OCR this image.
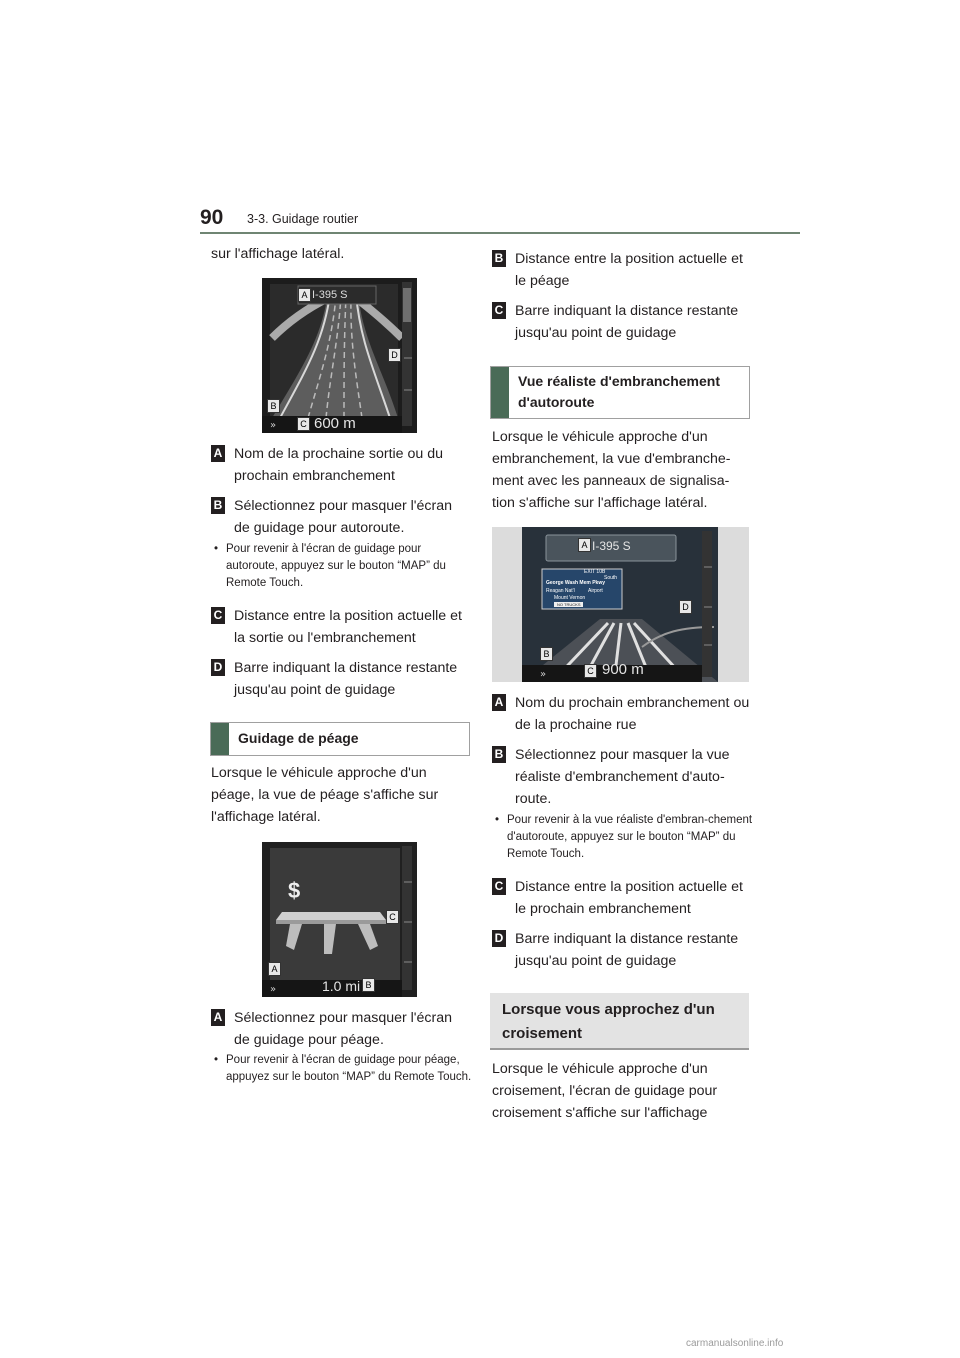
90 3-3. Guidage routier

sur l'affichage latéral.

»
I-395 S
600 m
A
B
C
D
A Nom de la prochaine sortie ou du prochain embranchement
B Sélectionnez pour masquer l'écran de guidage pour autoroute.
• Pour revenir à l'écran de guidage pour autoroute, appuyez sur le bouton “MAP” du Remote Touch.
C Distance entre la position actuelle et la sortie ou l'embranchement
D Barre indiquant la distance restante jusqu'au point de guidage
Guidage de péage

Lorsque le véhicule approche d'un péage, la vue de péage s'affiche sur l'affichage latéral.

»
$
1.0 mi
A
B
C
A Sélectionnez pour masquer l'écran de guidage pour péage.
• Pour revenir à l'écran de guidage pour péage, appuyez sur le bouton “MAP” du Remote Touch.
B Distance entre la position actuelle et le péage
C Barre indiquant la distance restante jusqu'au point de guidage
Vue réaliste d'embranchement d'autoroute

Lorsque le véhicule approche d'un embranchement, la vue d'embranche-ment avec les panneaux de signalisa-tion s'affiche sur l'affichage latéral.

»
I-395 S
EXIT 10B
South
George Wash Mem Pkwy
Reagan Nat'l	Airport
Mount Vernon
NO TRUCKS
900 m
A
B
C
D
A Nom du prochain embranchement ou de la prochaine rue
B Sélectionnez pour masquer la vue réaliste d'embranchement d'auto-route.
• Pour revenir à la vue réaliste d'embran-chement d'autoroute, appuyez sur le bouton “MAP” du Remote Touch.
C Distance entre la position actuelle et le prochain embranchement
D Barre indiquant la distance restante jusqu'au point de guidage
Lorsque vous approchez d'un croisement

Lorsque le véhicule approche d'un croisement, l'écran de guidage pour croisement s'affiche sur l'affichage

carmanualsonline.info
